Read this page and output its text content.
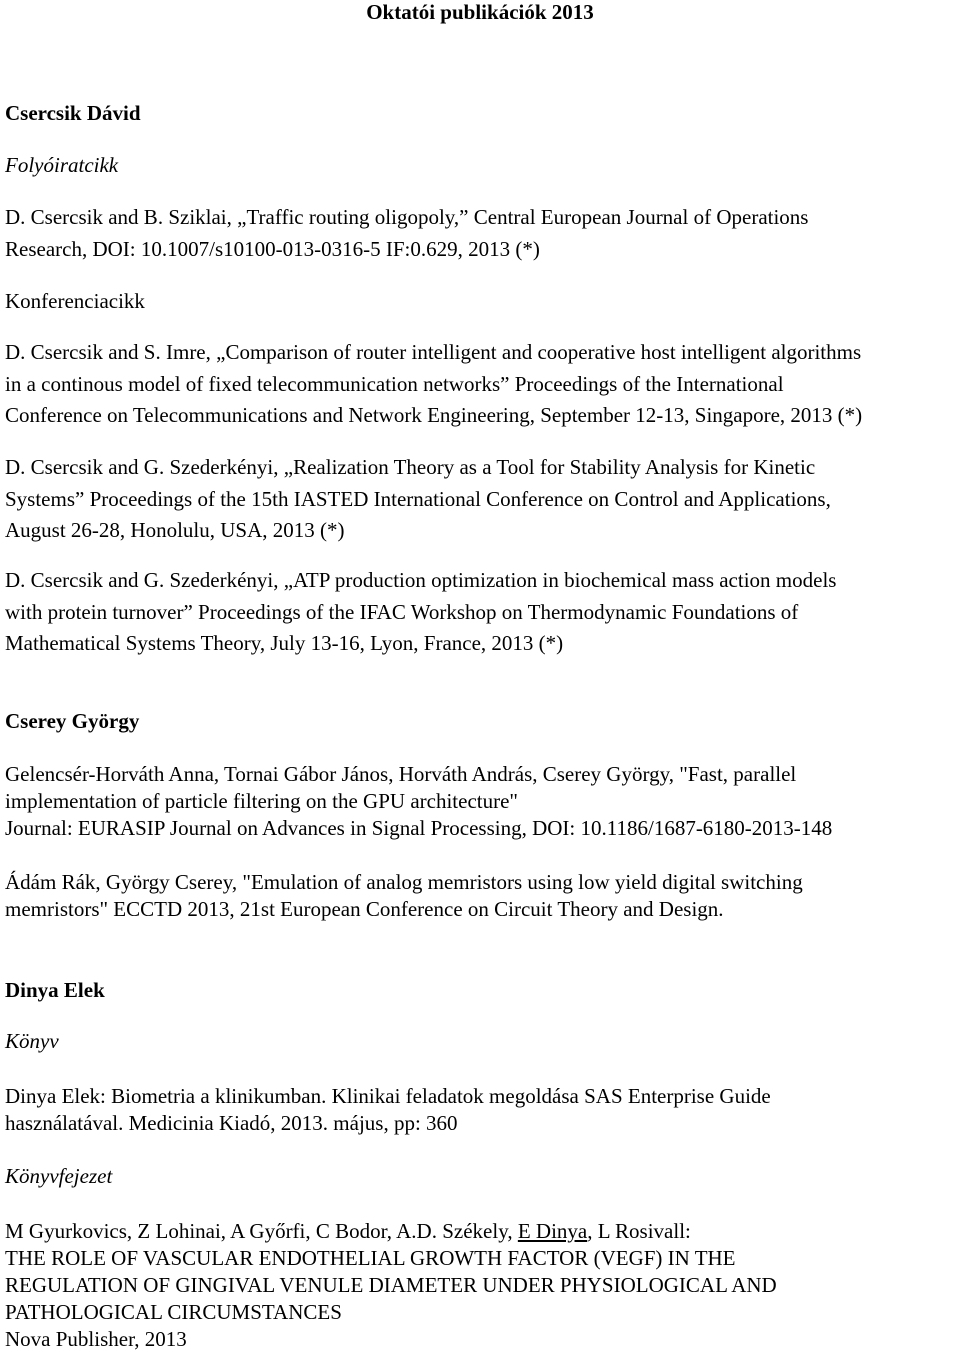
Oktatói publikációk 2013
Csercsik Dávid
Folyóiratcikk
D. Csercsik and B. Sziklai, „Traffic routing oligopoly,” Central European Journal of Operations
Research, DOI: 10.1007/s10100-013-0316-5 IF:0.629, 2013 (*)
Konferenciacikk
D. Csercsik and S. Imre, „Comparison of router intelligent and cooperative host intelligent algorithms
in a continous model of fixed telecommunication networks” Proceedings of the International
Conference on Telecommunications and Network Engineering, September 12-13, Singapore, 2013 (*)
D. Csercsik and G. Szederkényi, „Realization Theory as a Tool for Stability Analysis for Kinetic
Systems” Proceedings of the 15th IASTED International Conference on Control and Applications,
August 26-28, Honolulu, USA, 2013 (*)
D. Csercsik and G. Szederkényi, „ATP production optimization in biochemical mass action models
with protein turnover” Proceedings of the IFAC Workshop on Thermodynamic Foundations of
Mathematical Systems Theory, July 13-16, Lyon, France, 2013 (*)
Cserey György
Gelencsér-Horváth Anna, Tornai Gábor János, Horváth András, Cserey György, "Fast, parallel
implementation of particle filtering on the GPU architecture"
Journal: EURASIP Journal on Advances in Signal Processing, DOI: 10.1186/1687-6180-2013-148
Ádám Rák, György Cserey, "Emulation of analog memristors using low yield digital switching
memristors" ECCTD 2013, 21st European Conference on Circuit Theory and Design.
Dinya Elek
Könyv
Dinya Elek: Biometria a klinikumban. Klinikai feladatok megoldása SAS Enterprise Guide
használatával. Medicinia Kiadó, 2013. május, pp: 360
Könyvfejezet
M Gyurkovics, Z Lohinai, A Győrfi, C Bodor, A.D. Székely, E Dinya, L Rosivall:
THE ROLE OF VASCULAR ENDOTHELIAL GROWTH FACTOR (VEGF) IN THE
REGULATION OF GINGIVAL VENULE DIAMETER UNDER PHYSIOLOGICAL AND
PATHOLOGICAL CIRCUMSTANCES
Nova Publisher, 2013
